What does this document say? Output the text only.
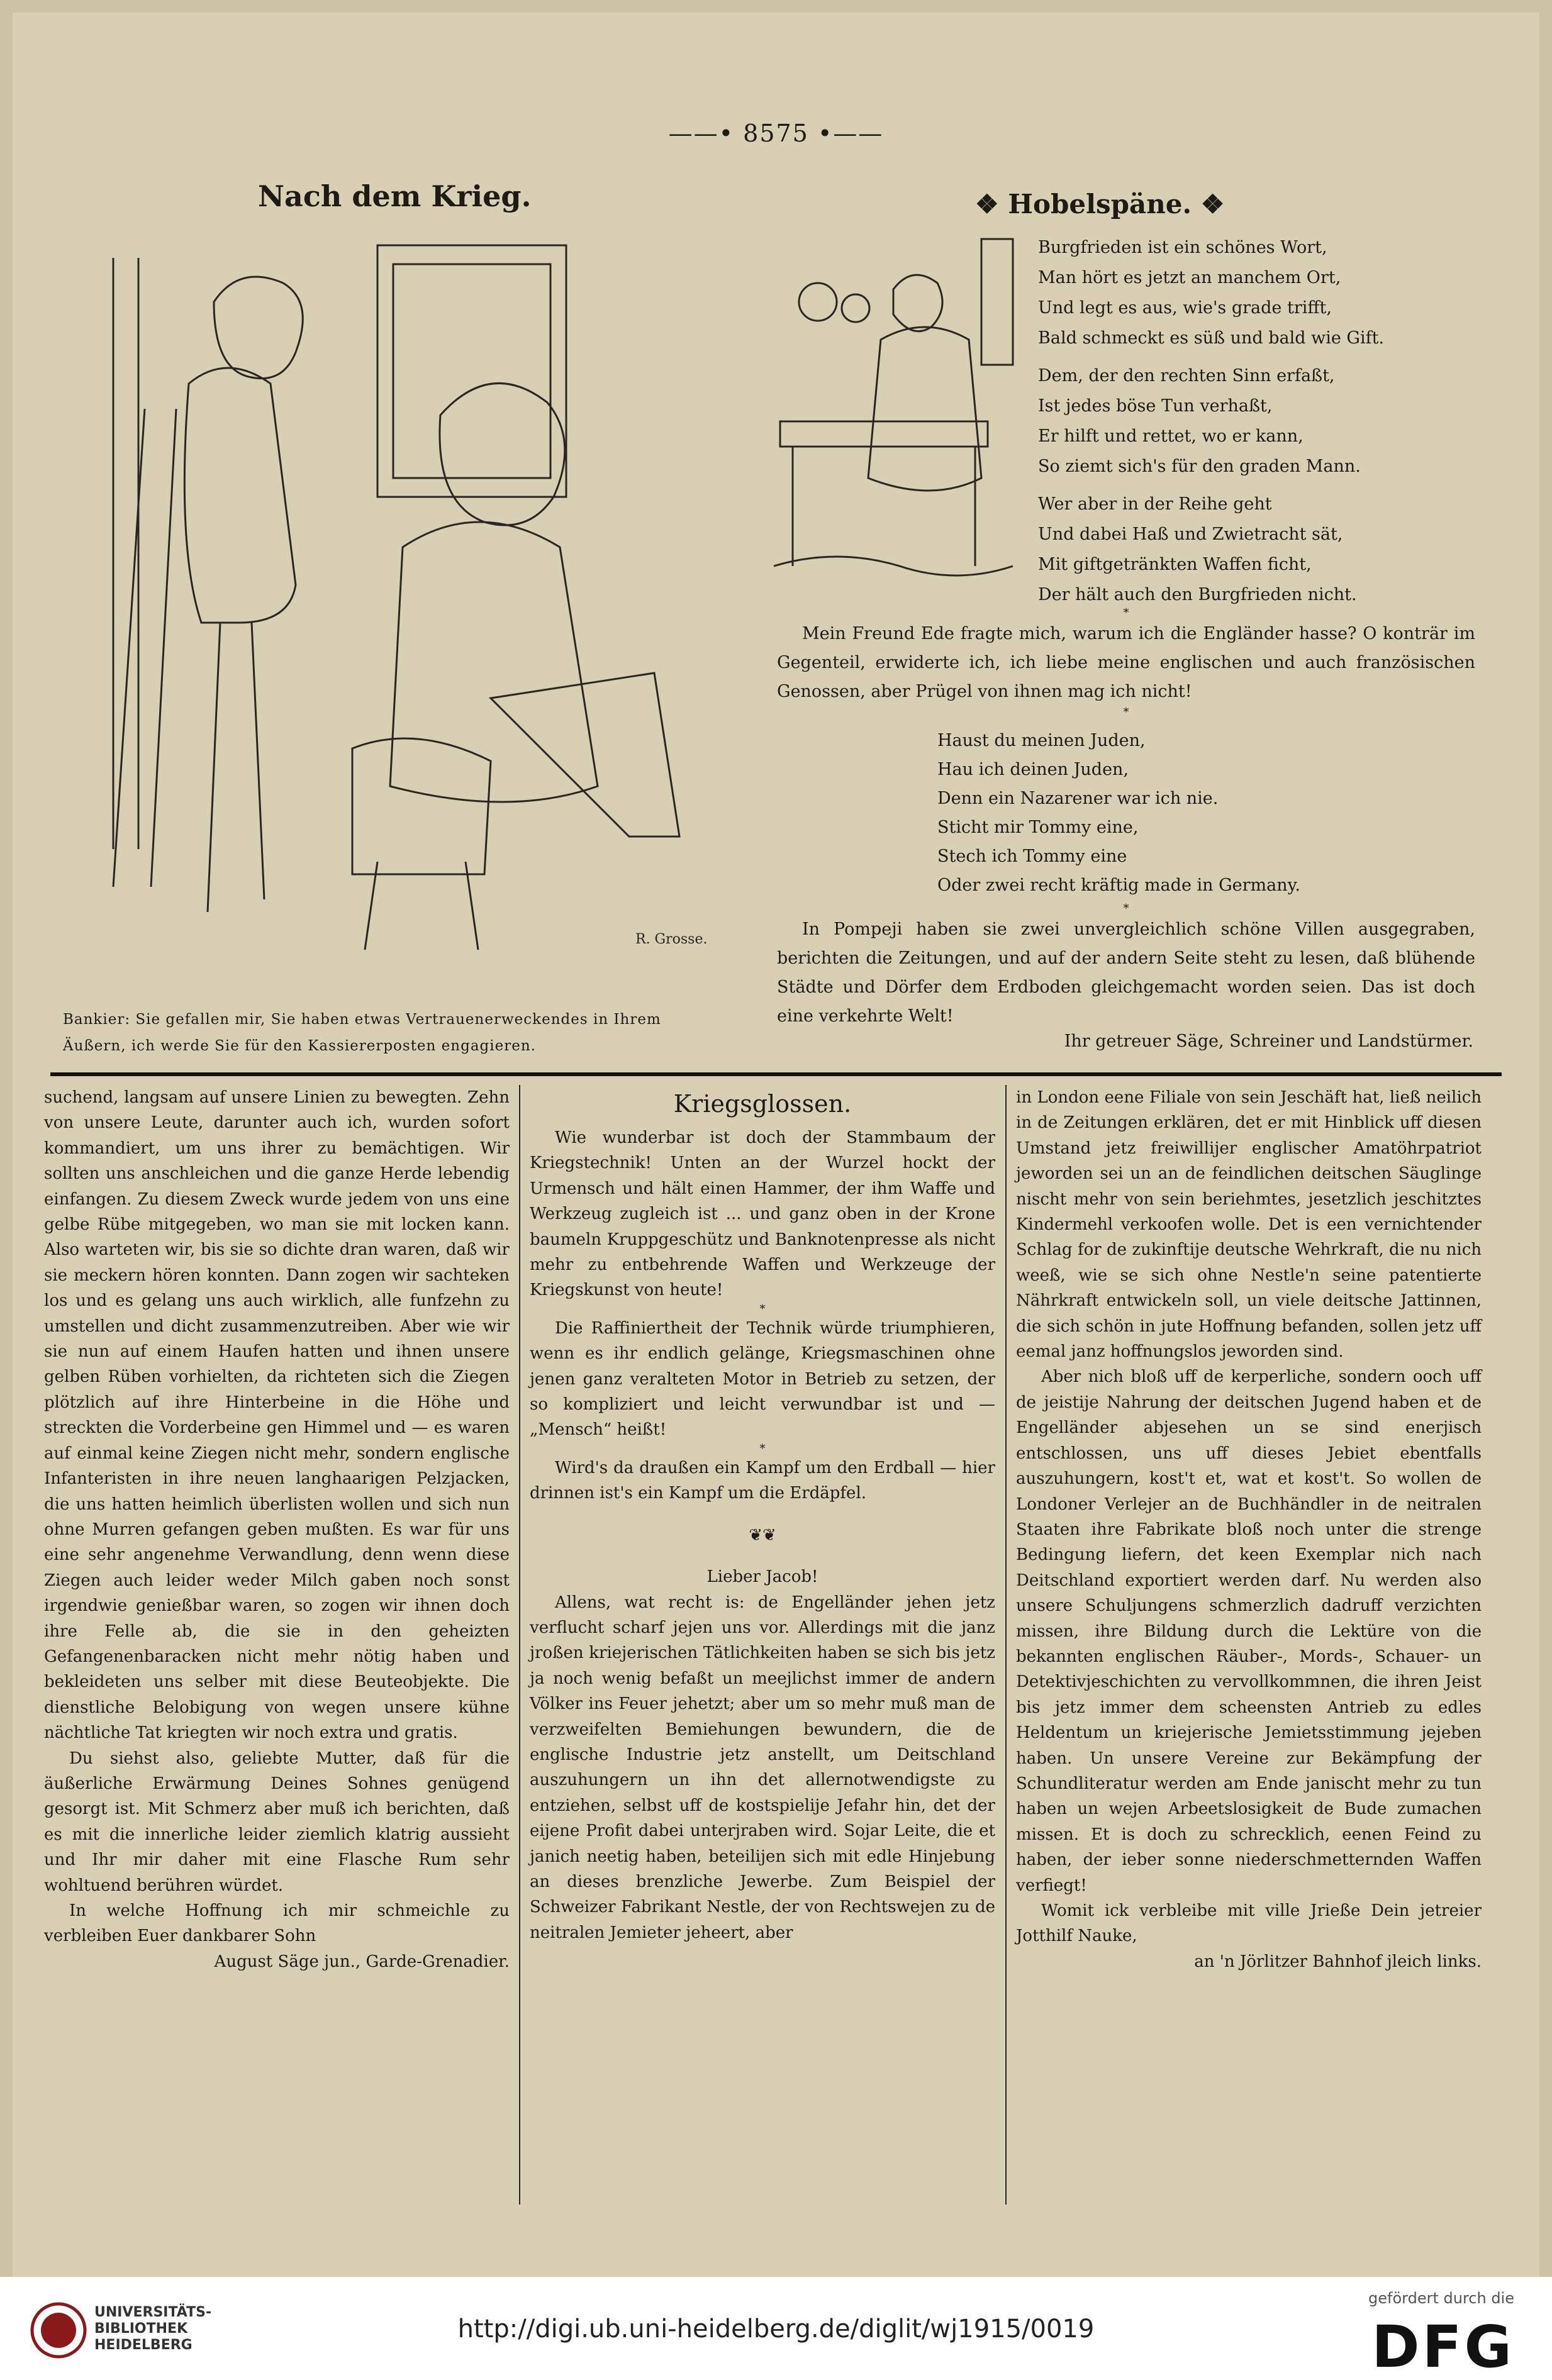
——• 8575 •——
Nach dem Krieg.
R. Grosse.
Bankier: Sie gefallen mir, Sie haben etwas Vertrauenerweckendes in Ihrem Äußern, ich werde Sie für den Kassiererposten engagieren.
❖ Hobelspäne. ❖

Burgfrieden ist ein schönes Wort,
Man hört es jetzt an manchem Ort,
Und legt es aus, wie's grade trifft,
Bald schmeckt es süß und bald wie Gift.

Dem, der den rechten Sinn erfaßt,
Ist jedes böse Tun verhaßt,
Er hilft und rettet, wo er kann,
So ziemt sich's für den graden Mann.

Wer aber in der Reihe geht
Und dabei Haß und Zwietracht sät,
Mit giftgetränkten Waffen ficht,
Der hält auch den Burgfrieden nicht.

*
Mein Freund Ede fragte mich, warum ich die Engländer hasse? O konträr im Gegenteil, erwiderte ich, ich liebe meine englischen und auch französischen Genossen, aber Prügel von ihnen mag ich nicht!
*
Haust du meinen Juden,
Hau ich deinen Juden,
Denn ein Nazarener war ich nie.
Sticht mir Tommy eine,
Stech ich Tommy eine
Oder zwei recht kräftig made in Germany.
*
In Pompeji haben sie zwei unvergleichlich schöne Villen ausgegraben, berichten die Zeitungen, und auf der andern Seite steht zu lesen, daß blühende Städte und Dörfer dem Erdboden gleichgemacht worden seien. Das ist doch eine verkehrte Welt!
Ihr getreuer Säge, Schreiner und Landstürmer.

suchend, langsam auf unsere Linien zu bewegten. Zehn von unsere Leute, darunter auch ich, wurden sofort kommandiert, um uns ihrer zu bemächtigen. Wir sollten uns anschleichen und die ganze Herde lebendig einfangen. Zu diesem Zweck wurde jedem von uns eine gelbe Rübe mitgegeben, wo man sie mit locken kann. Also warteten wir, bis sie so dichte dran waren, daß wir sie meckern hören konnten. Dann zogen wir sachteken los und es gelang uns auch wirklich, alle funfzehn zu umstellen und dicht zusammenzutreiben. Aber wie wir sie nun auf einem Haufen hatten und ihnen unsere gelben Rüben vorhielten, da richteten sich die Ziegen plötzlich auf ihre Hinterbeine in die Höhe und streckten die Vorderbeine gen Himmel und — es waren auf einmal keine Ziegen nicht mehr, sondern englische Infanteristen in ihre neuen langhaarigen Pelzjacken, die uns hatten heimlich überlisten wollen und sich nun ohne Murren gefangen geben mußten. Es war für uns eine sehr angenehme Verwandlung, denn wenn diese Ziegen auch leider weder Milch gaben noch sonst irgendwie genießbar waren, so zogen wir ihnen doch ihre Felle ab, die sie in den geheizten Gefangenenbaracken nicht mehr nötig haben und bekleideten uns selber mit diese Beuteobjekte. Die dienstliche Belobigung von wegen unsere kühne nächtliche Tat kriegten wir noch extra und gratis.

Du siehst also, geliebte Mutter, daß für die äußerliche Erwärmung Deines Sohnes genügend gesorgt ist. Mit Schmerz aber muß ich berichten, daß es mit die innerliche leider ziemlich klatrig aussieht und Ihr mir daher mit eine Flasche Rum sehr wohltuend berühren würdet.

In welche Hoffnung ich mir schmeichle zu verbleiben Euer dankbarer Sohn

August Säge jun., Garde-Grenadier.

Kriegsglossen.

Wie wunderbar ist doch der Stammbaum der Kriegstechnik! Unten an der Wurzel hockt der Urmensch und hält einen Hammer, der ihm Waffe und Werkzeug zugleich ist ... und ganz oben in der Krone baumeln Kruppgeschütz und Banknotenpresse als nicht mehr zu entbehrende Waffen und Werkzeuge der Kriegskunst von heute!

*

Die Raffiniertheit der Technik würde triumphieren, wenn es ihr endlich gelänge, Kriegsmaschinen ohne jenen ganz veralteten Motor in Betrieb zu setzen, der so kompliziert und leicht verwundbar ist und — „Mensch“ heißt!

*

Wird's da draußen ein Kampf um den Erdball — hier drinnen ist's ein Kampf um die Erdäpfel.

❦❦

Lieber Jacob!

Allens, wat recht is: de Engelländer jehen jetz verflucht scharf jejen uns vor. Allerdings mit die janz jroßen kriejerischen Tätlichkeiten haben se sich bis jetz ja noch wenig befaßt un meejlichst immer de andern Völker ins Feuer jehetzt; aber um so mehr muß man de verzweifelten Bemiehungen bewundern, die de englische Industrie jetz anstellt, um Deitschland auszuhungern un ihn det allernotwendigste zu entziehen, selbst uff de kostspielije Jefahr hin, det der eijene Profit dabei unterjraben wird. Sojar Leite, die et janich neetig haben, beteilijen sich mit edle Hinjebung an dieses brenzliche Jewerbe. Zum Beispiel der Schweizer Fabrikant Nestle, der von Rechtswejen zu de neitralen Jemieter jeheert, aber

in London eene Filiale von sein Jeschäft hat, ließ neilich in de Zeitungen erklären, det er mit Hinblick uff diesen Umstand jetz freiwillijer englischer Amatöhrpatriot jeworden sei un an de feindlichen deitschen Säuglinge nischt mehr von sein beriehmtes, jesetzlich jeschitztes Kindermehl verkoofen wolle. Det is een vernichtender Schlag for de zukinftije deutsche Wehrkraft, die nu nich weeß, wie se sich ohne Nestle'n seine patentierte Nährkraft entwickeln soll, un viele deitsche Jattinnen, die sich schön in jute Hoffnung befanden, sollen jetz uff eemal janz hoffnungslos jeworden sind.

Aber nich bloß uff de kerperliche, sondern ooch uff de jeistije Nahrung der deitschen Jugend haben et de Engelländer abjesehen un se sind enerjisch entschlossen, uns uff dieses Jebiet ebentfalls auszuhungern, kost't et, wat et kost't. So wollen de Londoner Verlejer an de Buchhändler in de neitralen Staaten ihre Fabrikate bloß noch unter die strenge Bedingung liefern, det keen Exemplar nich nach Deitschland exportiert werden darf. Nu werden also unsere Schuljungens schmerzlich dadruff verzichten missen, ihre Bildung durch die Lektüre von die bekannten englischen Räuber-, Mords-, Schauer- un Detektivjeschichten zu vervollkommnen, die ihren Jeist bis jetz immer dem scheensten Antrieb zu edles Heldentum un kriejerische Jemietsstimmung jejeben haben. Un unsere Vereine zur Bekämpfung der Schundliteratur werden am Ende janischt mehr zu tun haben un wejen Arbeetslosigkeit de Bude zumachen missen. Et is doch zu schrecklich, eenen Feind zu haben, der ieber sonne niederschmetternden Waffen verfiegt!

Womit ick verbleibe mit ville Jrieße Dein jetreier Jotthilf Nauke,

an 'n Jörlitzer Bahnhof jleich links.

UNIVERSITÄTS-
BIBLIOTHEK
HEIDELBERG
http://digi.ub.uni-heidelberg.de/diglit/wj1915/0019
gefördert durch die
DFG
